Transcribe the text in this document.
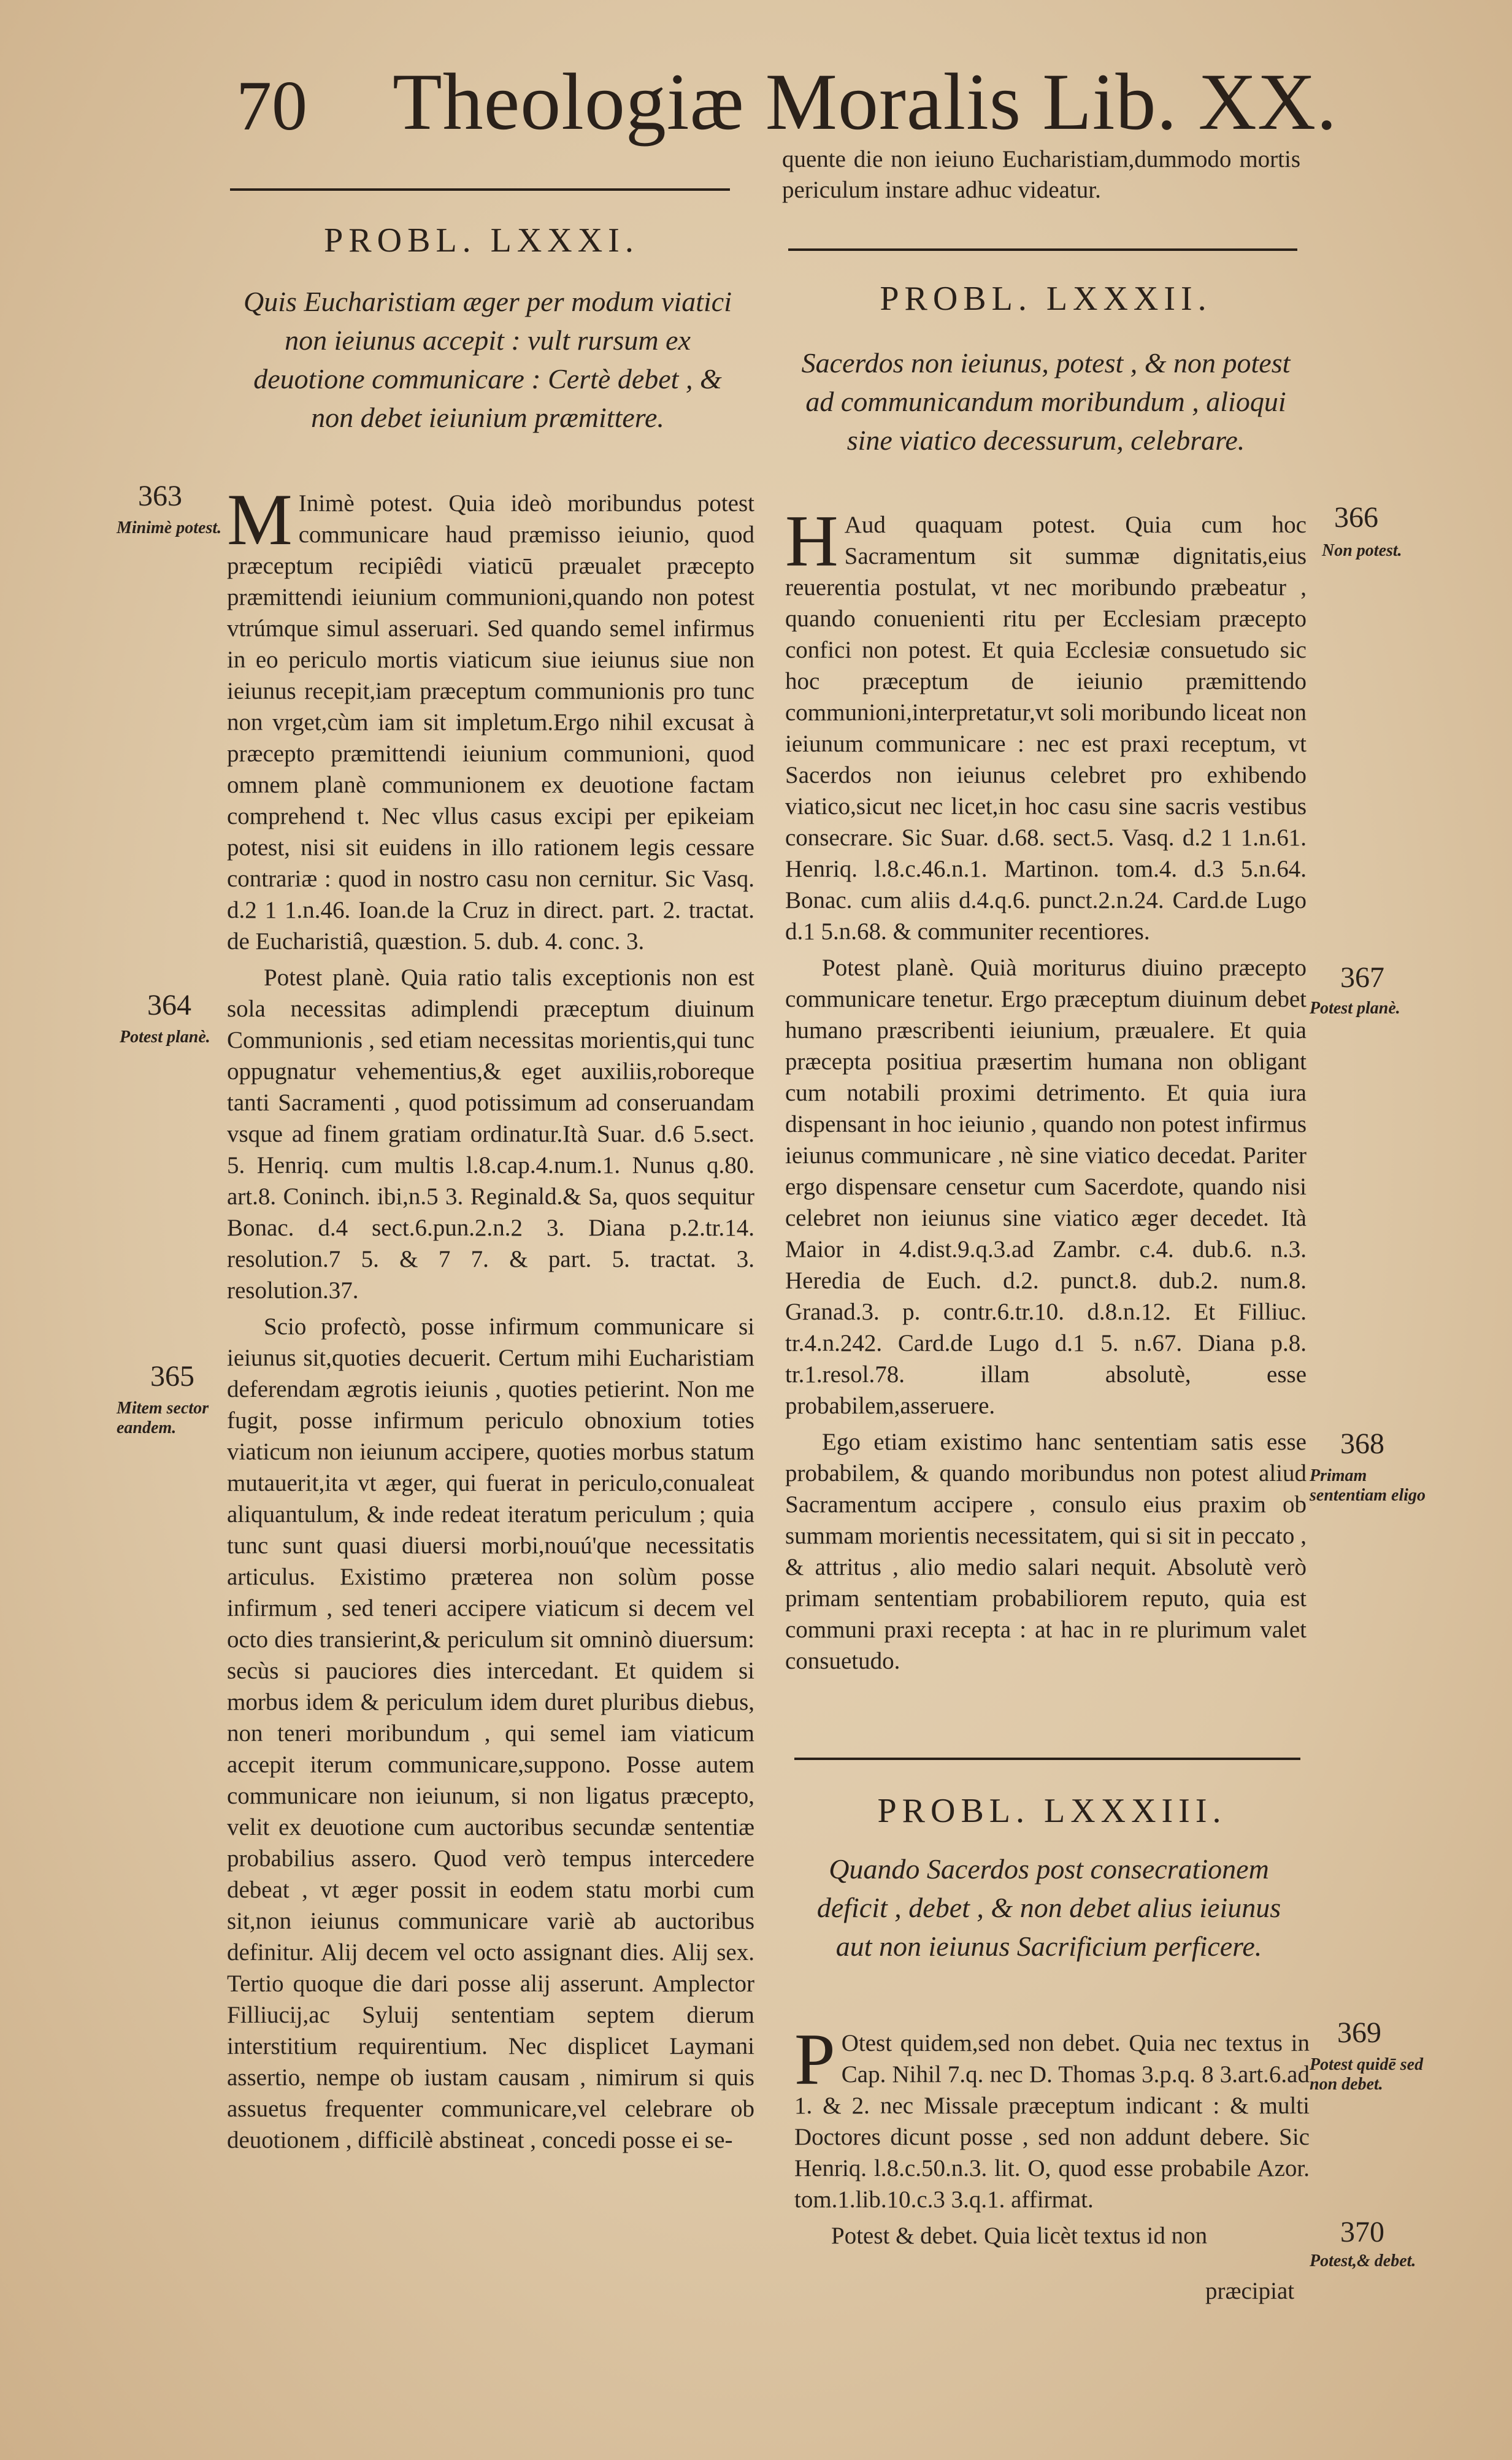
70 Theologiæ Moralis Lib. XX.
PROBL. LXXXI.
Quis Eucharistiam æger per modum viatici non ieiunus accepit : vult rursum ex deuotione communicare : Certè debet , & non debet ieiunium præmittere.

M Inimè potest. Quia ideò moribundus potest communicare haud præmisso ieiunio, quod præceptum recipiêdi viaticū præualet præcepto præmittendi ieiunium communioni,quando non potest vtrúmque simul asseruari. Sed quando semel infirmus in eo periculo mortis viaticum siue ieiunus siue non ieiunus recepit,iam præceptum communionis pro tunc non vrget,cùm iam sit impletum.Ergo nihil excusat à præcepto præmittendi ieiunium communioni, quod omnem planè communionem ex deuotione factam comprehend t. Nec vllus casus excipi per epikeiam potest, nisi sit euidens in illo rationem legis cessare contrariæ : quod in nostro casu non cernitur. Sic Vasq. d.2 1 1.n.46. Ioan.de la Cruz in direct. part. 2. tractat. de Eucharistiâ, quæstion. 5. dub. 4. conc. 3.

Potest planè. Quia ratio talis exceptionis non est sola necessitas adimplendi præceptum diuinum Communionis , sed etiam necessitas morientis,qui tunc oppugnatur vehementius,& eget auxiliis,roboreque tanti Sacramenti , quod potissimum ad conseruandam vsque ad finem gratiam ordinatur.Ità Suar. d.6 5.sect. 5. Henriq. cum multis l.8.cap.4.num.1. Nunus q.80. art.8. Coninch. ibi,n.5 3. Reginald.& Sa, quos sequitur Bonac. d.4 sect.6.pun.2.n.2 3. Diana p.2.tr.14. resolution.7 5. & 7 7. & part. 5. tractat. 3. resolution.37.

Scio profectò, posse infirmum communicare si ieiunus sit,quoties decuerit. Certum mihi Eucharistiam deferendam ægrotis ieiunis , quoties petierint. Non me fugit, posse infirmum periculo obnoxium toties viaticum non ieiunum accipere, quoties morbus statum mutauerit,ita vt æger, qui fuerat in periculo,conualeat aliquantulum, & inde redeat iteratum periculum ; quia tunc sunt quasi diuersi morbi,nouú'que necessitatis articulus. Existimo præterea non solùm posse infirmum , sed teneri accipere viaticum si decem vel octo dies transierint,& periculum sit omninò diuersum: secùs si pauciores dies intercedant. Et quidem si morbus idem & periculum idem duret pluribus diebus, non teneri moribundum , qui semel iam viaticum accepit iterum communicare,suppono. Posse autem communicare non ieiunum, si non ligatus præcepto, velit ex deuotione cum auctoribus secundæ sententiæ probabilius assero. Quod verò tempus intercedere debeat , vt æger possit in eodem statu morbi cum sit,non ieiunus communicare variè ab auctoribus definitur. Alij decem vel octo assignant dies. Alij sex. Tertio quoque die dari posse alij asserunt. Amplector Filliucij,ac Syluij sententiam septem dierum interstitium requirentium. Nec displicet Laymani assertio, nempe ob iustam causam , nimirum si quis assuetus frequenter communicare,vel celebrare ob deuotionem , difficilè abstineat , concedi posse ei se-

quente die non ieiuno Eucharistiam,dummodo mortis periculum instare adhuc videatur.
PROBL. LXXXII.
Sacerdos non ieiunus, potest , & non potest ad communicandum moribundum , alioqui sine viatico decessurum, celebrare.

H Aud quaquam potest. Quia cum hoc Sacramentum sit summæ dignitatis,eius reuerentia postulat, vt nec moribundo præbeatur , quando conuenienti ritu per Ecclesiam præcepto confici non potest. Et quia Ecclesiæ consuetudo sic hoc præceptum de ieiunio præmittendo communioni,interpretatur,vt soli moribundo liceat non ieiunum communicare : nec est praxi receptum, vt Sacerdos non ieiunus celebret pro exhibendo viatico,sicut nec licet,in hoc casu sine sacris vestibus consecrare. Sic Suar. d.68. sect.5. Vasq. d.2 1 1.n.61. Henriq. l.8.c.46.n.1. Martinon. tom.4. d.3 5.n.64. Bonac. cum aliis d.4.q.6. punct.2.n.24. Card.de Lugo d.1 5.n.68. & communiter recentiores.

Potest planè. Quià moriturus diuino præcepto communicare tenetur. Ergo præceptum diuinum debet humano præscribenti ieiunium, præualere. Et quia præcepta positiua præsertim humana non obligant cum notabili proximi detrimento. Et quia iura dispensant in hoc ieiunio , quando non potest infirmus ieiunus communicare , nè sine viatico decedat. Pariter ergo dispensare censetur cum Sacerdote, quando nisi celebret non ieiunus sine viatico æger decedet. Ità Maior in 4.dist.9.q.3.ad Zambr. c.4. dub.6. n.3. Heredia de Euch. d.2. punct.8. dub.2. num.8. Granad.3. p. contr.6.tr.10. d.8.n.12. Et Filliuc. tr.4.n.242. Card.de Lugo d.1 5. n.67. Diana p.8. tr.1.resol.78. illam absolutè, esse probabilem,asseruere.

Ego etiam existimo hanc sententiam satis esse probabilem, & quando moribundus non potest aliud Sacramentum accipere , consulo eius praxim ob summam morientis necessitatem, qui si sit in peccato , & attritus , alio medio salari nequit. Absolutè verò primam sententiam probabiliorem reputo, quia est communi praxi recepta : at hac in re plurimum valet consuetudo.

PROBL. LXXXIII.
Quando Sacerdos post consecrationem deficit , debet , & non debet alius ieiunus aut non ieiunus Sacrificium perficere.

P Otest quidem,sed non debet. Quia nec textus in Cap. Nihil 7.q. nec D. Thomas 3.p.q. 8 3.art.6.ad 1. & 2. nec Missale præceptum indicant : & multi Doctores dicunt posse , sed non addunt debere. Sic Henriq. l.8.c.50.n.3. lit. O, quod esse probabile Azor. tom.1.lib.10.c.3 3.q.1. affirmat.

Potest & debet. Quia licèt textus id non

præcipiat
363
Minimè potest.
364
Potest planè.
365
Mitem sector eandem.
366
Non potest.
367
Potest planè.
368
Primam sententiam eligo
369
Potest quidē sed non debet.
370
Potest,& debet.
